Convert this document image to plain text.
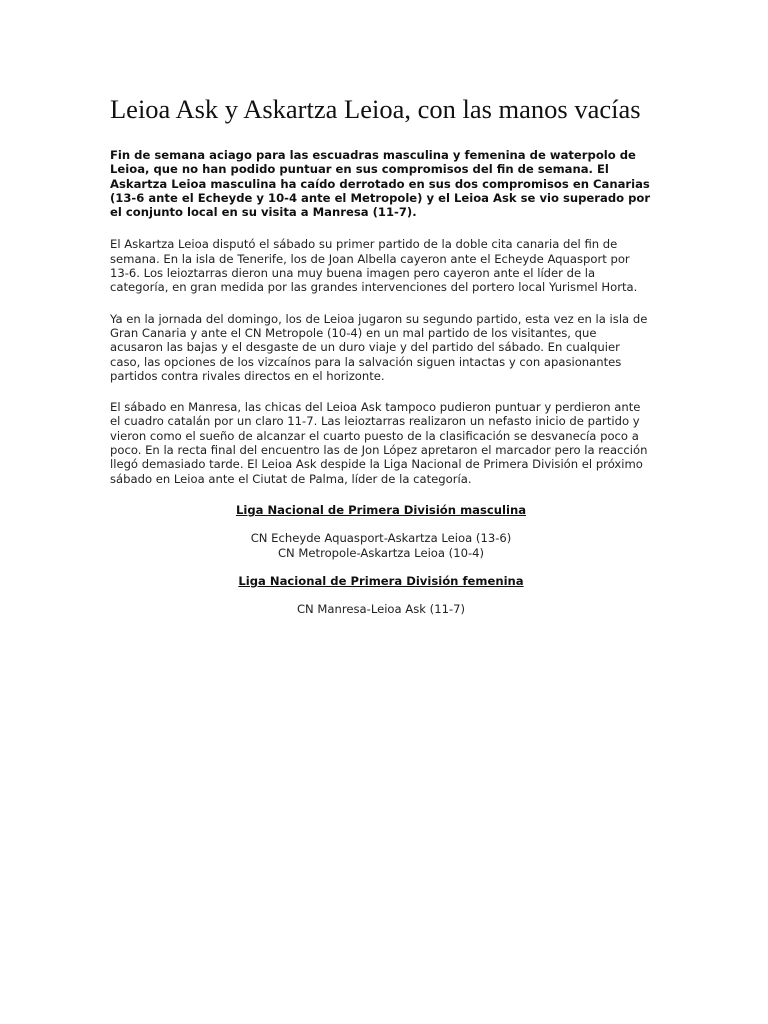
Leioa Ask y Askartza Leioa, con las manos vacías

Fin de semana aciago para las escuadras masculina y femenina de waterpolo de Leioa, que no han podido puntuar en sus compromisos del fin de semana. El Askartza Leioa masculina ha caído derrotado en sus dos compromisos en Canarias (13-6 ante el Echeyde y 10-4 ante el Metropole) y el Leioa Ask se vio superado por el conjunto local en su visita a Manresa (11-7).

El Askartza Leioa disputó el sábado su primer partido de la doble cita canaria del fin de semana. En la isla de Tenerife, los de Joan Albella cayeron ante el Echeyde Aquasport por 13-6. Los leioztarras dieron una muy buena imagen pero cayeron ante el líder de la categoría, en gran medida por las grandes intervenciones del portero local Yurismel Horta.

Ya en la jornada del domingo, los de Leioa jugaron su segundo partido, esta vez en la isla de Gran Canaria y ante el CN Metropole (10-4) en un mal partido de los visitantes, que acusaron las bajas y el desgaste de un duro viaje y del partido del sábado. En cualquier caso, las opciones de los vizcaínos para la salvación siguen intactas y con apasionantes partidos contra rivales directos en el horizonte.

El sábado en Manresa, las chicas del Leioa Ask tampoco pudieron puntuar y perdieron ante el cuadro catalán por un claro 11-7. Las leioztarras realizaron un nefasto inicio de partido y vieron como el sueño de alcanzar el cuarto puesto de la clasificación se desvanecía poco a poco. En la recta final del encuentro las de Jon López apretaron el marcador pero la reacción llegó demasiado tarde. El Leioa Ask despide la Liga Nacional de Primera División el próximo sábado en Leioa ante el Ciutat de Palma, líder de la categoría.

Liga Nacional de Primera División masculina
CN Echeyde Aquasport-Askartza Leioa (13-6)
CN Metropole-Askartza Leioa (10-4)
Liga Nacional de Primera División femenina
CN Manresa-Leioa Ask (11-7)
